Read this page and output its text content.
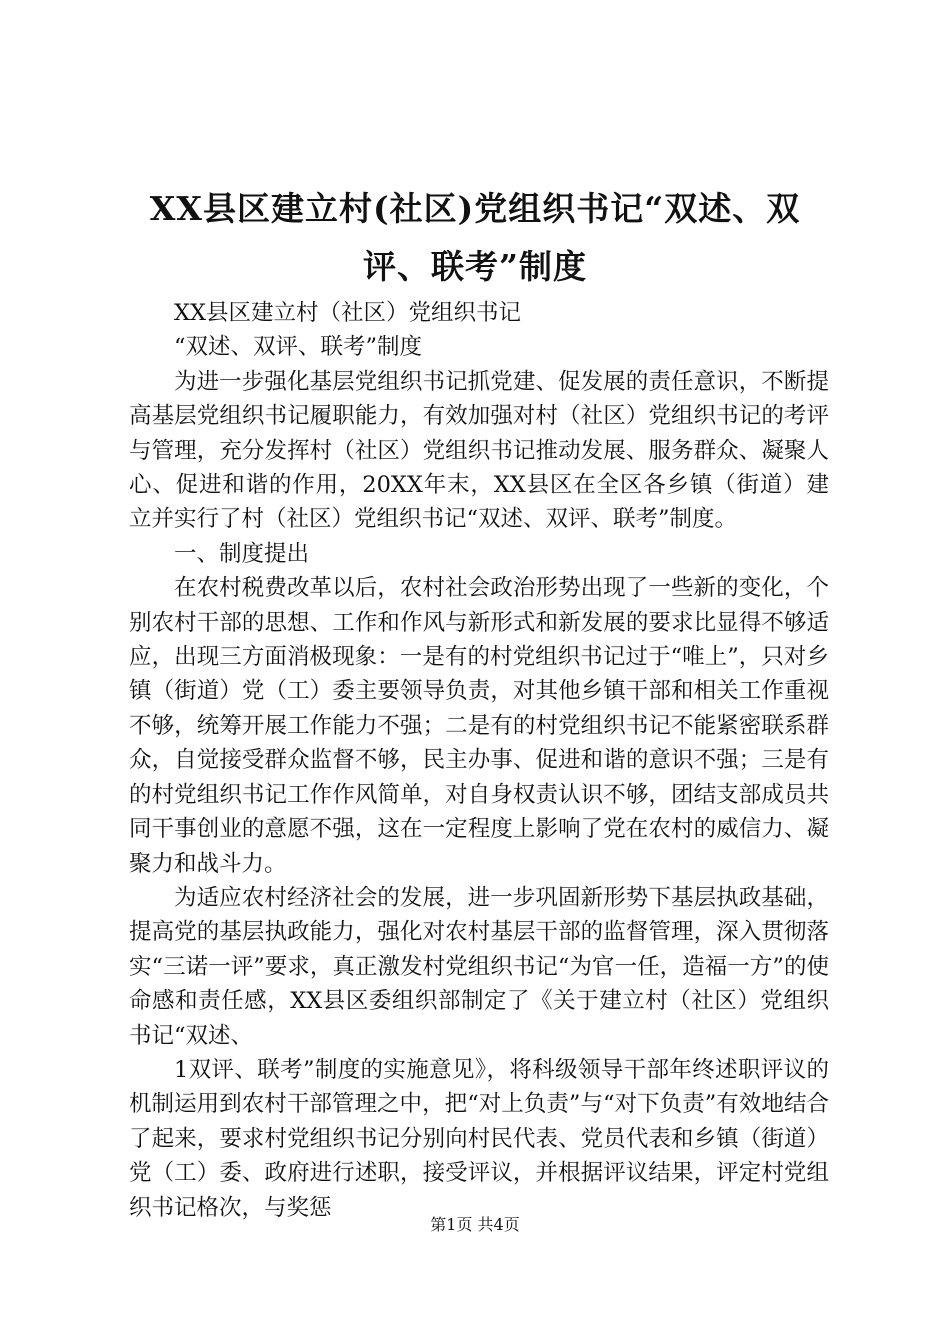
XX县区建立村(社区)党组织书记“双述、双评、联考”制度

XX县区建立村（社区）党组织书记

“双述、双评、联考”制度

为进一步强化基层党组织书记抓党建、促发展的责任意识，不断提高基层党组织书记履职能力，有效加强对村（社区）党组织书记的考评与管理，充分发挥村（社区）党组织书记推动发展、服务群众、凝聚人心、促进和谐的作用，20XX年末，XX县区在全区各乡镇（街道）建立并实行了村（社区）党组织书记“双述、双评、联考”制度。

一、制度提出

在农村税费改革以后，农村社会政治形势出现了一些新的变化，个别农村干部的思想、工作和作风与新形式和新发展的要求比显得不够适应，出现三方面消极现象：一是有的村党组织书记过于“唯上”，只对乡镇（街道）党（工）委主要领导负责，对其他乡镇干部和相关工作重视不够，统筹开展工作能力不强；二是有的村党组织书记不能紧密联系群众，自觉接受群众监督不够，民主办事、促进和谐的意识不强；三是有的村党组织书记工作作风简单，对自身权责认识不够，团结支部成员共同干事创业的意愿不强，这在一定程度上影响了党在农村的威信力、凝聚力和战斗力。

为适应农村经济社会的发展，进一步巩固新形势下基层执政基础，提高党的基层执政能力，强化对农村基层干部的监督管理，深入贯彻落实“三诺一评”要求，真正激发村党组织书记“为官一任，造福一方”的使命感和责任感，XX县区委组织部制定了《关于建立村（社区）党组织书记“双述、

1双评、联考”制度的实施意见》，将科级领导干部年终述职评议的机制运用到农村干部管理之中，把“对上负责”与“对下负责”有效地结合了起来，要求村党组织书记分别向村民代表、党员代表和乡镇（街道）党（工）委、政府进行述职，接受评议，并根据评议结果，评定村党组织书记格次，与奖惩

第1页 共4页
